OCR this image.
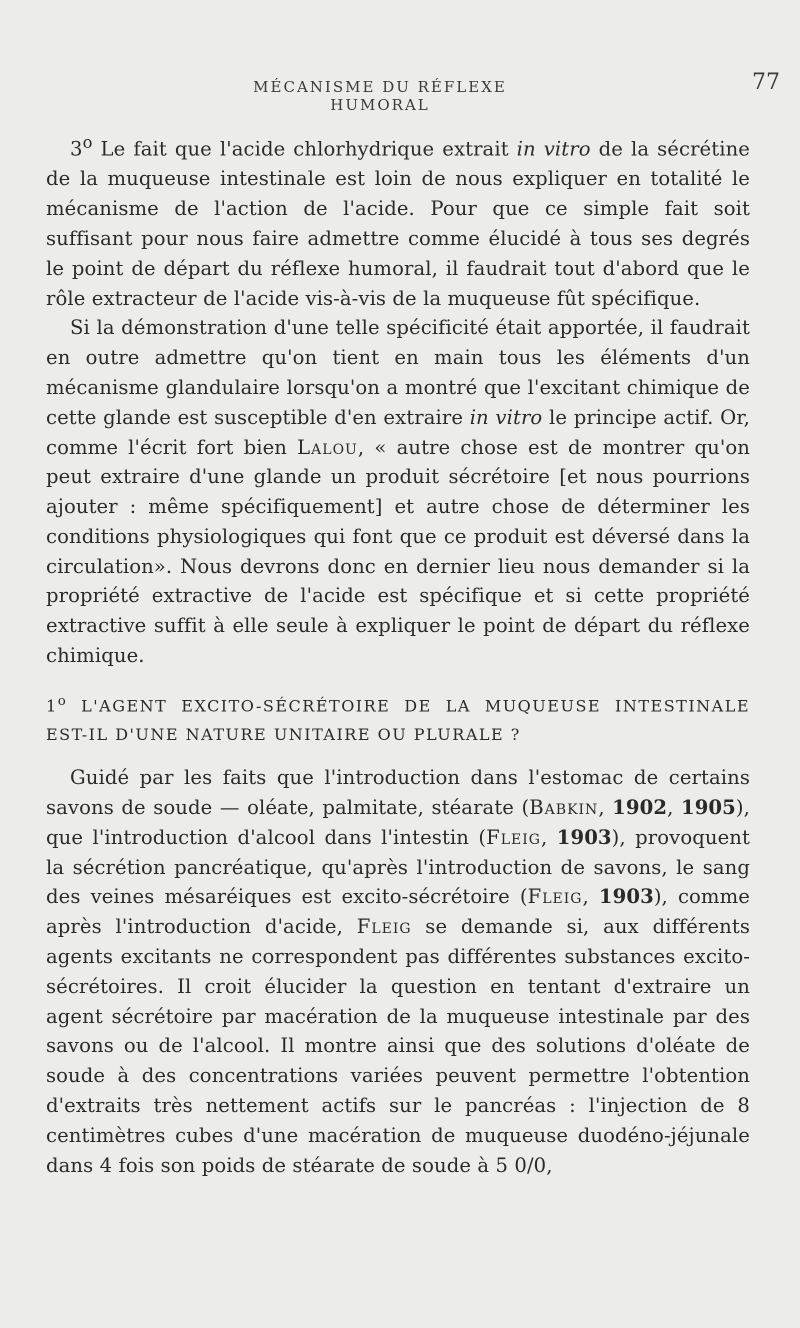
MÉCANISME DU RÉFLEXE HUMORAL
77

3$^o$ Le fait que l'acide chlorhydrique extrait in vitro de la sécrétine de la muqueuse intestinale est loin de nous expliquer en totalité le mécanisme de l'action de l'acide. Pour que ce simple fait soit suffisant pour nous faire admettre comme élucidé à tous ses degrés le point de départ du réflexe humoral, il faudrait tout d'abord que le rôle extracteur de l'acide vis-à-vis de la muqueuse fût spécifique.

Si la démonstration d'une telle spécificité était apportée, il faudrait en outre admettre qu'on tient en main tous les éléments d'un mécanisme glandulaire lorsqu'on a montré que l'excitant chimique de cette glande est susceptible d'en extraire in vitro le principe actif. Or, comme l'écrit fort bien Lalou, « autre chose est de montrer qu'on peut extraire d'une glande un produit sécrétoire [et nous pourrions ajouter : même spécifiquement] et autre chose de déterminer les conditions physiologiques qui font que ce produit est déversé dans la circulation». Nous devrons donc en dernier lieu nous demander si la propriété extractive de l'acide est spécifique et si cette propriété extractive suffit à elle seule à expliquer le point de départ du réflexe chimique.

1$^o$ L'AGENT EXCITO-SÉCRÉTOIRE DE LA MUQUEUSE INTESTINALE EST-IL D'UNE NATURE UNITAIRE OU PLURALE ?

Guidé par les faits que l'introduction dans l'estomac de certains savons de soude — oléate, palmitate, stéarate (Babkin, 1902, 1905), que l'introduction d'alcool dans l'intestin (Fleig, 1903), provoquent la sécrétion pancréatique, qu'après l'introduction de savons, le sang des veines mésaréiques est excito-sécrétoire (Fleig, 1903), comme après l'introduction d'acide, Fleig se demande si, aux différents agents excitants ne correspondent pas différentes substances excito-sécrétoires. Il croit élucider la question en tentant d'extraire un agent sécrétoire par macération de la muqueuse intestinale par des savons ou de l'alcool. Il montre ainsi que des solutions d'oléate de soude à des concentrations variées peuvent permettre l'obtention d'extraits très nettement actifs sur le pancréas : l'injection de 8 centimètres cubes d'une macération de muqueuse duodéno-jéjunale dans 4 fois son poids de stéarate de soude à 5 0/0,
